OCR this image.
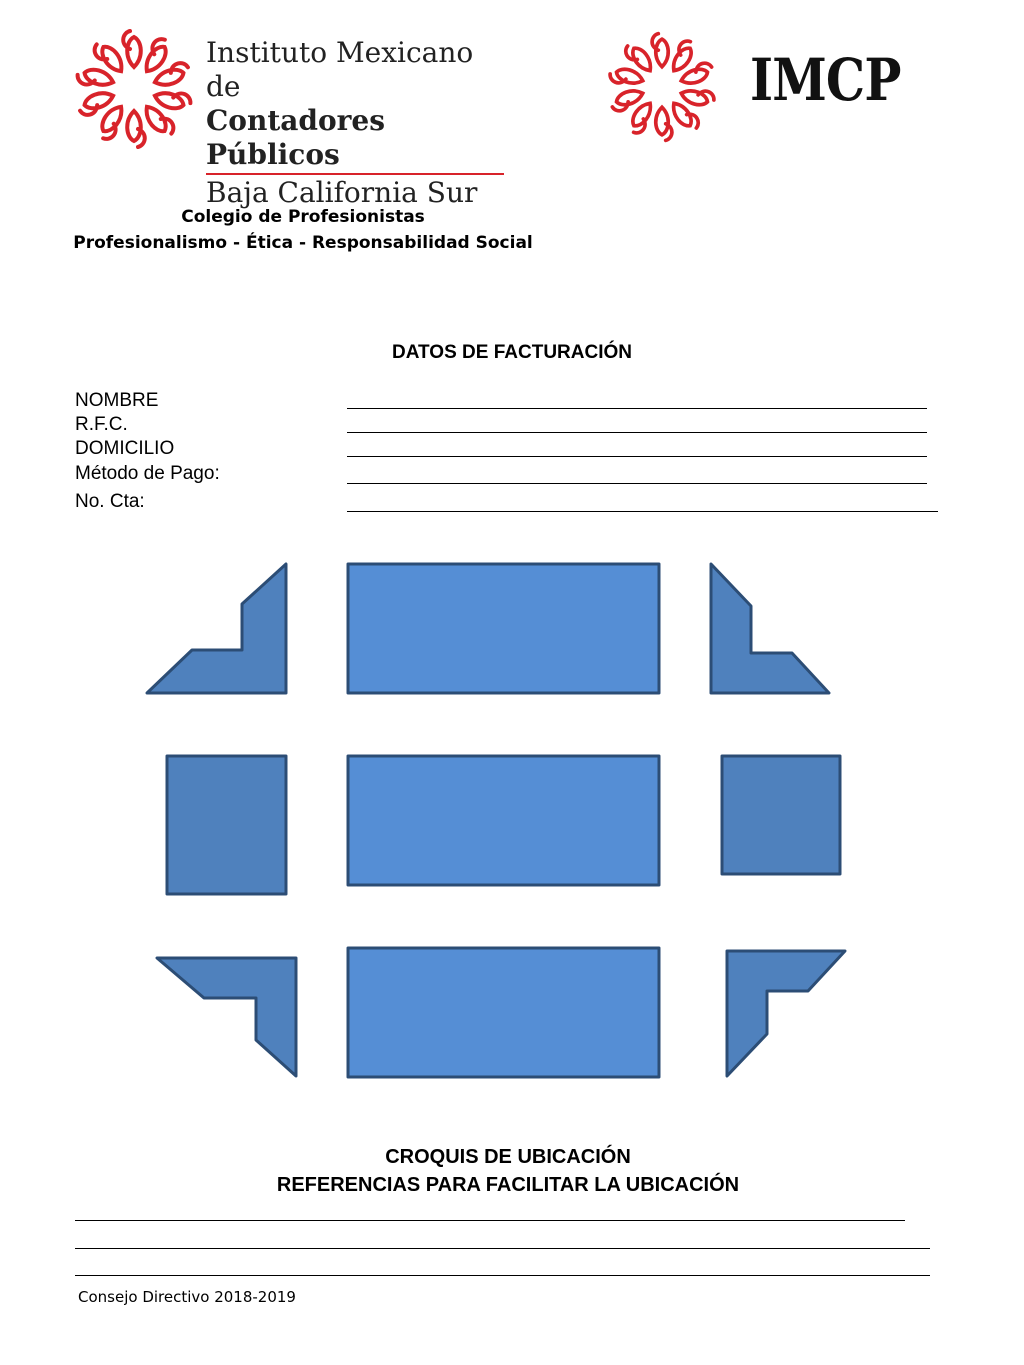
Instituto Mexicano de
Contadores Públicos
Baja California Sur
IMCP
Colegio de Profesionistas
Profesionalismo - Ética - Responsabilidad Social
DATOS DE FACTURACIÓN
NOMBRE
R.F.C.
DOMICILIO
Método de Pago:
No. Cta:
CROQUIS DE UBICACIÓN
REFERENCIAS PARA FACILITAR LA UBICACIÓN
Consejo Directivo 2018-2019
